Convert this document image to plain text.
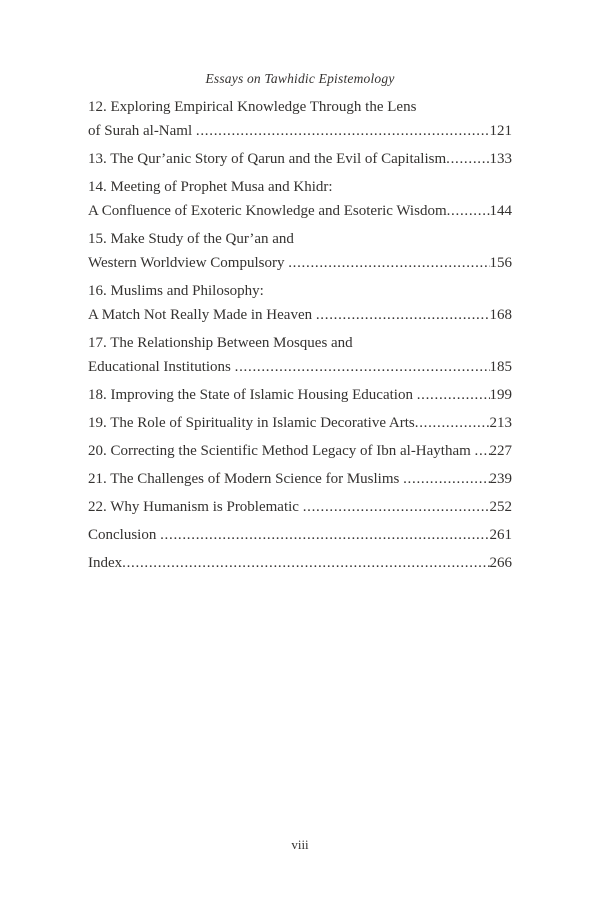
Essays on Tawhidic Epistemology
12. Exploring Empirical Knowledge Through the Lens
of Surah al-Naml .....	121
13. The Qur’anic Story of Qarun and the Evil of Capitalism .....	133
14. Meeting of Prophet Musa and Khidr:
A Confluence of Exoteric Knowledge and Esoteric Wisdom .....	144
15. Make Study of the Qur’an and
Western Worldview Compulsory .....	156
16. Muslims and Philosophy:
A Match Not Really Made in Heaven .....	168
17. The Relationship Between Mosques and
Educational Institutions .....	185
18. Improving the State of Islamic Housing Education .....	199
19. The Role of Spirituality in Islamic Decorative Arts .....	213
20. Correcting the Scientific Method Legacy of Ibn al-Haytham ..... 227
21. The Challenges of Modern Science for Muslims .....	239
22. Why Humanism is Problematic .....	252
Conclusion .....	261
Index .....	266
viii
